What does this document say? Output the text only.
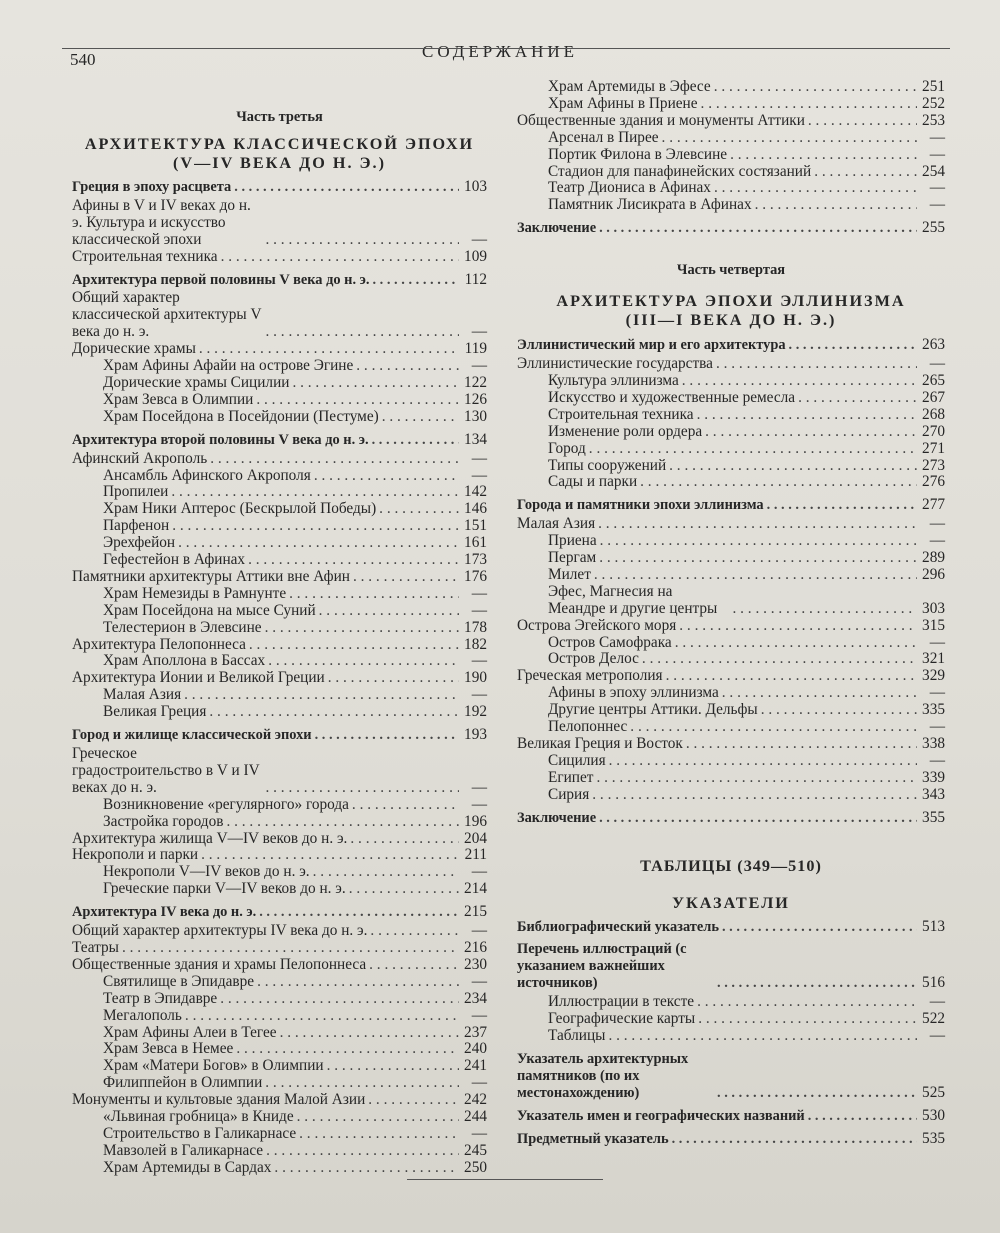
540	СОДЕРЖАНИЕ
Часть третья
АРХИТЕКТУРА КЛАССИЧЕСКОЙ ЭПОХИ
(V—IV ВЕКА ДО Н. Э.)
Греция в эпоху расцвета . . .	103
Афины в V и IV веках до н. э. Культура и искусство классической эпохи . . .	—
Строительная техника . . .	109
Архитектура первой половины V века до н. э. . . .	112
Общий характер классической архитектуры V века до н. э. . . .	—
Дорические храмы . . .	119
Храм Афины Афайи на острове Эгине . . .	—
Дорические храмы Сицилии . . .	122
Храм Зевса в Олимпии . . .	126
Храм Посейдона в Посейдонии (Пестуме) . . .	130
Архитектура второй половины V века до н. э. . . .	134
Афинский Акрополь . . .	—
Ансамбль Афинского Акрополя . . .	—
Пропилеи . . .	142
Храм Ники Аптерос (Бескрылой Победы) . . .	146
Парфенон . . .	151
Эрехфейон . . .	161
Гефестейон в Афинах . . .	173
Памятники архитектуры Аттики вне Афин . . .	176
Храм Немезиды в Рамнунте . . .	—
Храм Посейдона на мысе Суний . . .	—
Телестерион в Элевсине . . .	178
Архитектура Пелопоннеса . . .	182
Храм Аполлона в Бассах . . .	—
Архитектура Ионии и Великой Греции . . .	190
Малая Азия . . .	—
Великая Греция . . .	192
Город и жилище классической эпохи . . .	193
Греческое градостроительство в V и IV веках до н. э. . . .	—
Возникновение «регулярного» города . . .	—
Застройка городов . . .	196
Архитектура жилища V—IV веков до н. э. . . .	204
Некрополи и парки . . .	211
Некрополи V—IV веков до н. э. . . .	—
Греческие парки V—IV веков до н. э. . . .	214
Архитектура IV века до н. э. . . .	215
Общий характер архитектуры IV века до н. э. . . .	—
Театры . . .	216
Общественные здания и храмы Пелопоннеса . . .	230
Святилище в Эпидавре . . .	—
Театр в Эпидавре . . .	234
Мегалополь . . .	—
Храм Афины Алеи в Тегее . . .	237
Храм Зевса в Немее . . .	240
Храм «Матери Богов» в Олимпии . . .	241
Филиппейон в Олимпии . . .	—
Монументы и культовые здания Малой Азии . . .	242
«Львиная гробница» в Книде . . .	244
Строительство в Галикарнасе . . .	—
Мавзолей в Галикарнасе . . .	245
Храм Артемиды в Сардах . . .	250
Храм Артемиды в Эфесе . . .	251
Храм Афины в Приене . . .	252
Общественные здания и монументы Аттики . . .	253
Арсенал в Пирее . . .	—
Портик Филона в Элевсине . . .	—
Стадион для панафинейских состязаний . . .	254
Театр Диониса в Афинах . . .	—
Памятник Лисикрата в Афинах . . .	—
Заключение . . .	255
Часть четвертая
АРХИТЕКТУРА ЭПОХИ ЭЛЛИНИЗМА
(III—I ВЕКА ДО Н. Э.)
Эллинистический мир и его архитектура . . .	263
Эллинистические государства . . .	—
Культура эллинизма . . .	265
Искусство и художественные ремесла . . .	267
Строительная техника . . .	268
Изменение роли ордера . . .	270
Город . . .	271
Типы сооружений . . .	273
Сады и парки . . .	276
Города и памятники эпохи эллинизма . . .	277
Малая Азия . . .	—
Приена . . .	—
Пергам . . .	289
Милет . . .	296
Эфес, Магнесия на Меандре и другие центры . . .	303
Острова Эгейского моря . . .	315
Остров Самофрака . . .	—
Остров Делос . . .	321
Греческая метрополия . . .	329
Афины в эпоху эллинизма . . .	—
Другие центры Аттики. Дельфы . . .	335
Пелопоннес . . .	—
Великая Греция и Восток . . .	338
Сицилия . . .	—
Египет . . .	339
Сирия . . .	343
Заключение . . .	355
ТАБЛИЦЫ (349—510)
УКАЗАТЕЛИ
Библиографический указатель . . .	513
Перечень иллюстраций (с указанием важнейших источников) . . .	516
Иллюстрации в тексте . . .	—
Географические карты . . .	522
Таблицы . . .	—
Указатель архитектурных памятников (по их местонахождению) . . .	525
Указатель имен и географических названий . . .	530
Предметный указатель . . .	535
